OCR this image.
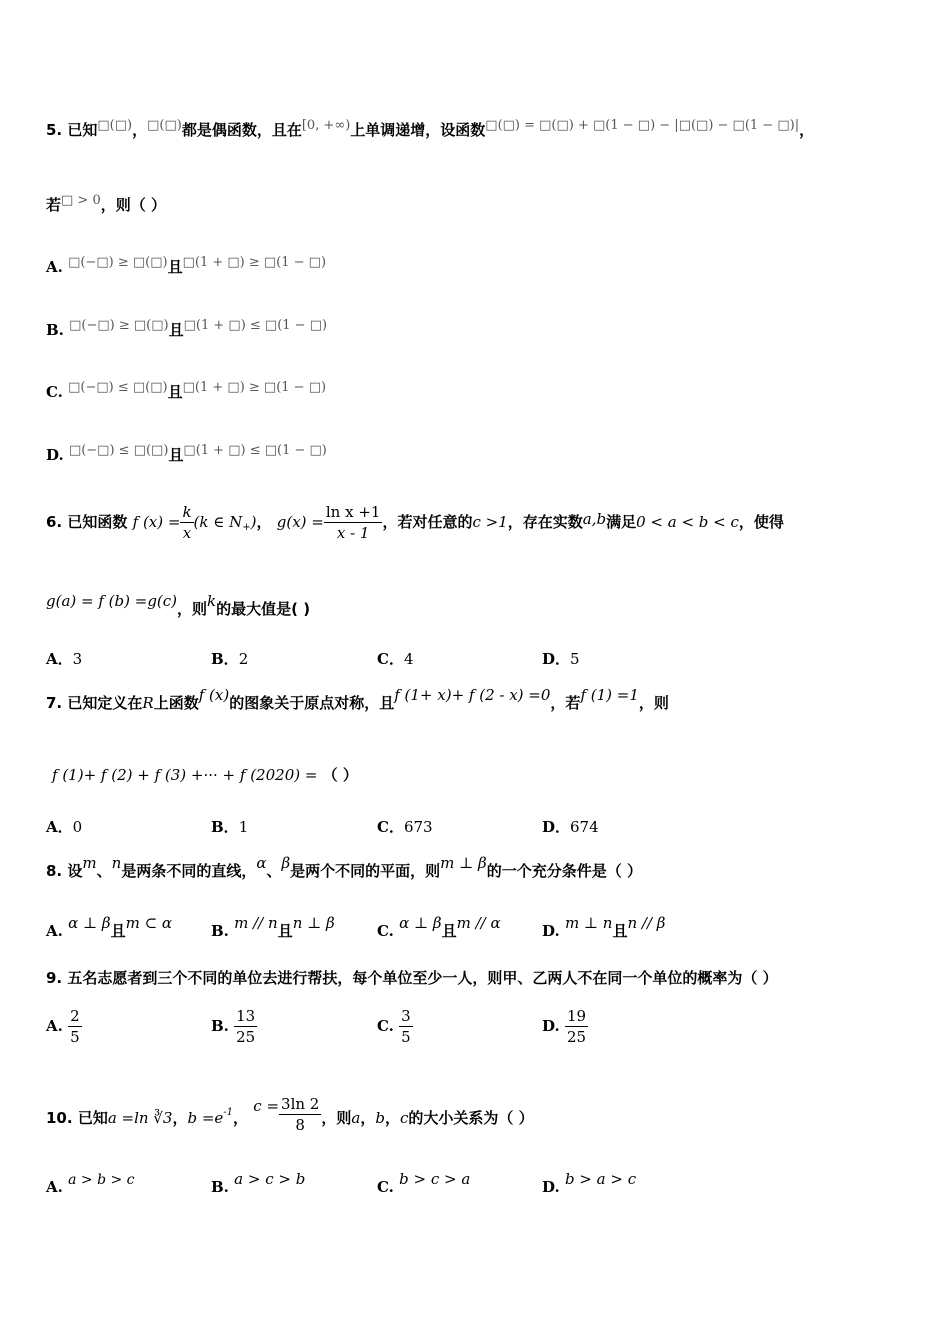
5. 已知□(□)，□(□)都是偶函数，且在[0, +∞)上单调递增，设函数□(□) = □(□) + □(1 − □) − |□(□) − □(1 − □)|，
若□ > 0，则（ ）
A. □(−□) ≥ □(□)且□(1 + □) ≥ □(1 − □)
B. □(−□) ≥ □(□)且□(1 + □) ≤ □(1 − □)
C. □(−□) ≤ □(□)且□(1 + □) ≥ □(1 − □)
D. □(−□) ≤ □(□)且□(1 + □) ≤ □(1 − □)
6. 已知函数 f $(x) = \frac{k}{x} (k$ ∈ $N_+$)， $g(x) = \frac{\text{ln x +1}}{x - 1}$ ，若对任意的c >1，存在实数a,b满足0 < a < b < c，使得
g(a) = f (b) =g(c)，则k的最大值是( )
A．3	B．2	C．4	D．5
7. 已知定义在R上函数f (x)的图象关于原点对称，且f (1+ x)+ f (2 - x) =0，若f (1) =1，则
f (1)+ f (2) + f (3) +··· + f (2020) = （ ）
A．0	B．1	C．673	D．674
8. 设m、n是两条不同的直线，α、β是两个不同的平面，则m ⊥ β的一个充分条件是（ ）
A. α ⊥ β且m ⊂ α	B. m // n且n ⊥ β	C. α ⊥ β且m // α	D. m ⊥ n且n // β
9. 五名志愿者到三个不同的单位去进行帮扶，每个单位至少一人，则甲、乙两人不在同一个单位的概率为（ ）
A. $\frac{2}{5}$	B. $\frac{13}{25}$	C. $\frac{3}{5}$	D. $\frac{19}{25}$
10. 已知a =ln ∛3，$b =e^{-1}$， $c = \frac{3\ln 2}{8}$ ，则a，b，c的大小关系为（ ）
A. a > b > c	B. a > c > b	C. b > c > a	D. b > a > c
